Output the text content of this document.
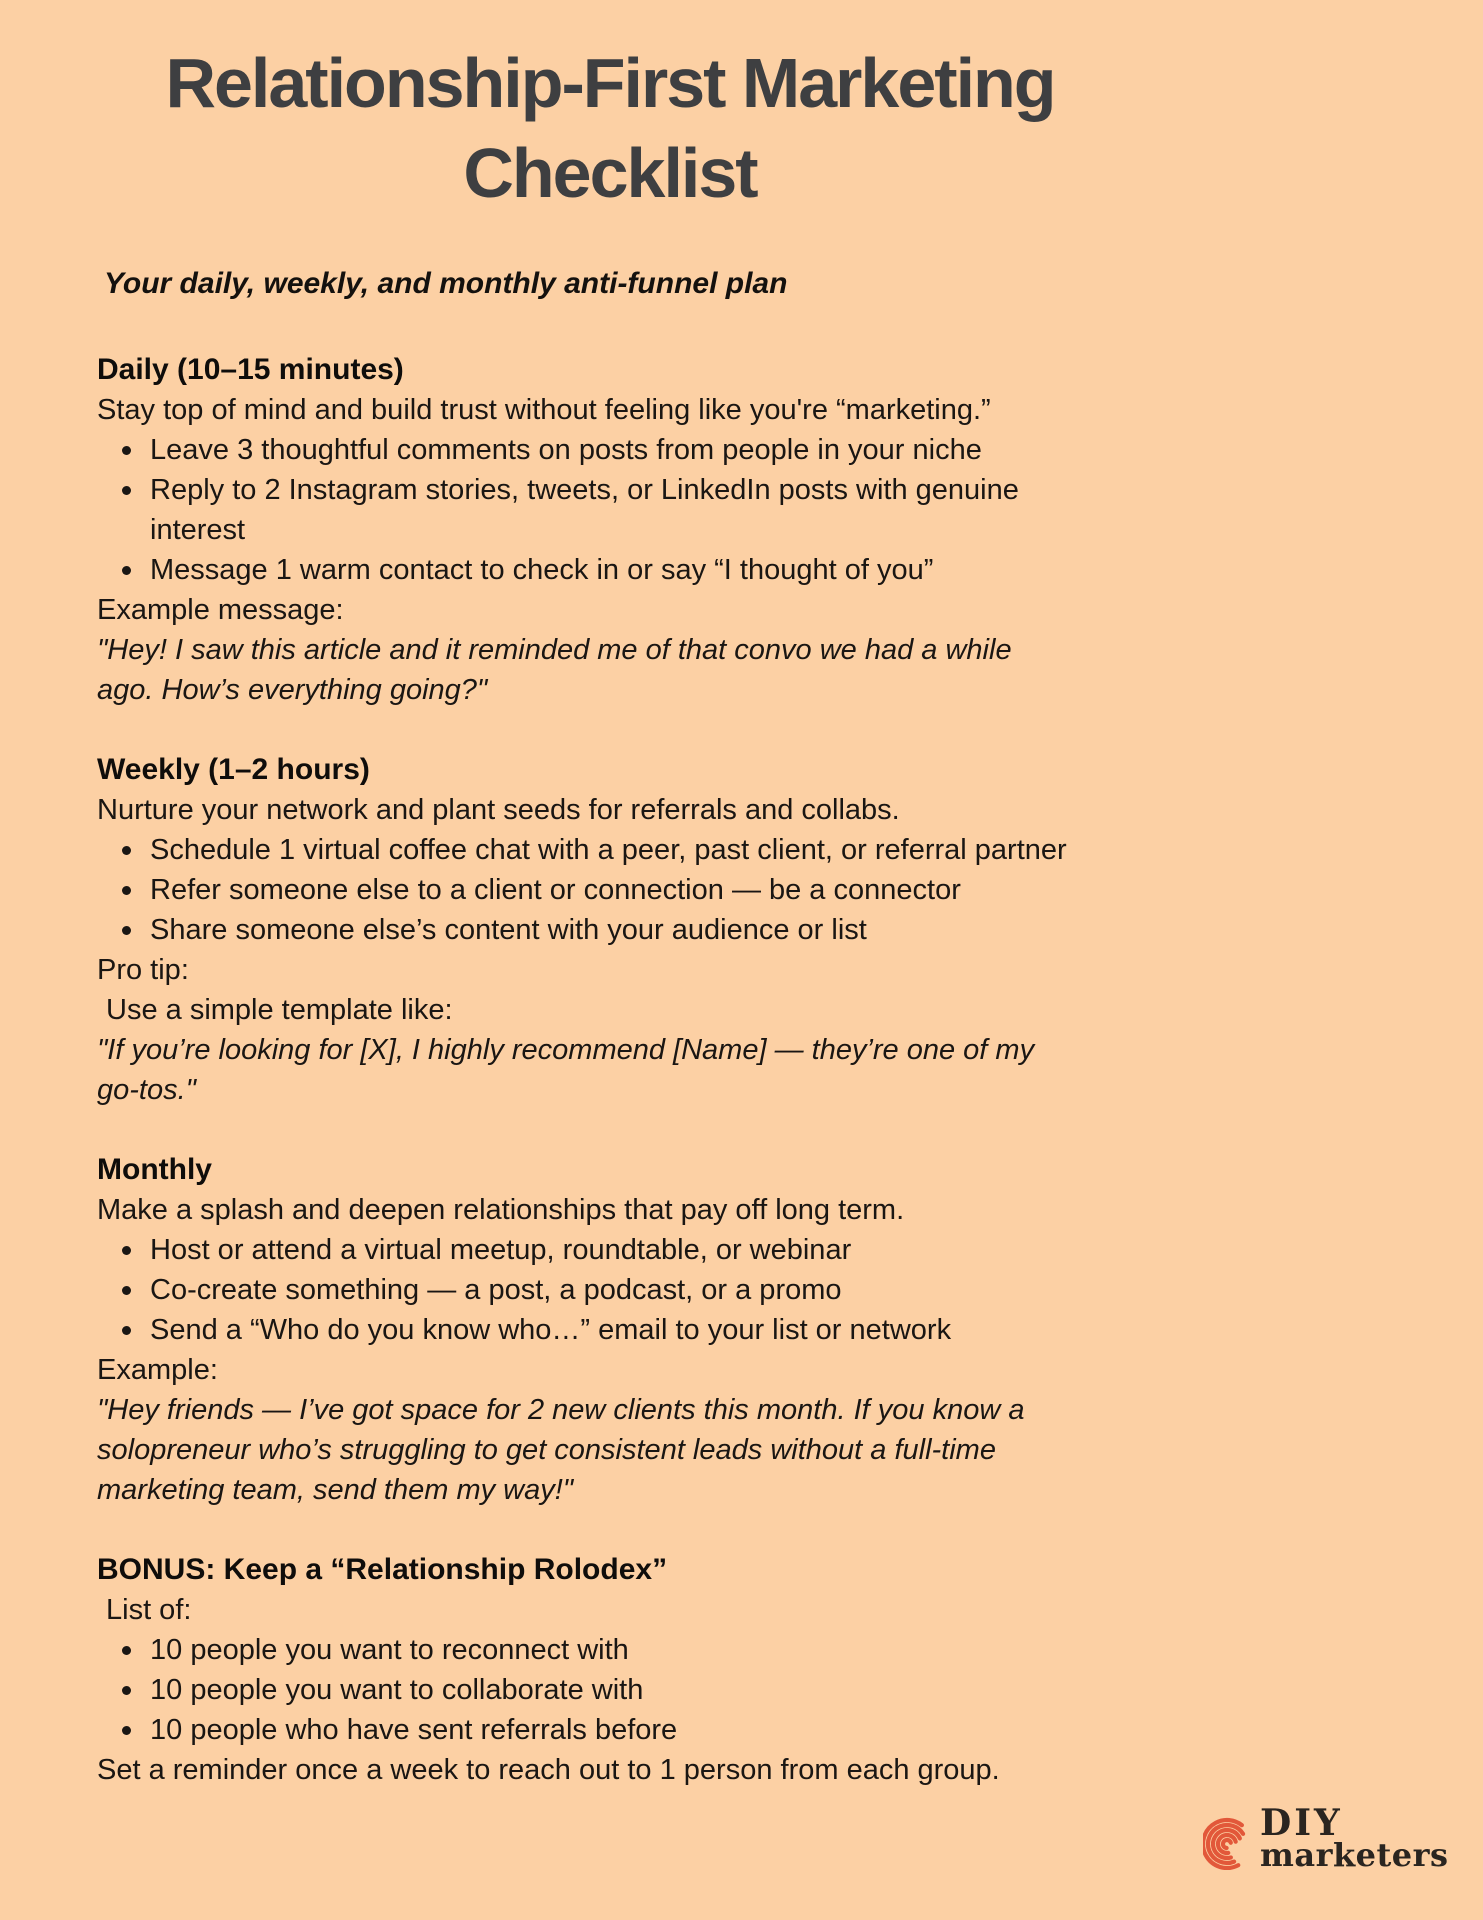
Relationship-First Marketing
Checklist
Your daily, weekly, and monthly anti-funnel plan
Daily (10–15 minutes)
Stay top of mind and build trust without feeling like you're “marketing.”
Leave 3 thoughtful comments on posts from people in your niche
Reply to 2 Instagram stories, tweets, or LinkedIn posts with genuine
interest
Message 1 warm contact to check in or say “I thought of you”
Example message:
"Hey! I saw this article and it reminded me of that convo we had a while
ago. How’s everything going?"
Weekly (1–2 hours)
Nurture your network and plant seeds for referrals and collabs.
Schedule 1 virtual coffee chat with a peer, past client, or referral partner
Refer someone else to a client or connection — be a connector
Share someone else’s content with your audience or list
Pro tip:
Use a simple template like:
"If you’re looking for [X], I highly recommend [Name] — they’re one of my
go-tos."
Monthly
Make a splash and deepen relationships that pay off long term.
Host or attend a virtual meetup, roundtable, or webinar
Co-create something — a post, a podcast, or a promo
Send a “Who do you know who…” email to your list or network
Example:
"Hey friends — I’ve got space for 2 new clients this month. If you know a
solopreneur who’s struggling to get consistent leads without a full-time
marketing team, send them my way!"
BONUS: Keep a “Relationship Rolodex”
List of:
10 people you want to reconnect with
10 people you want to collaborate with
10 people who have sent referrals before
Set a reminder once a week to reach out to 1 person from each group.
DIY
marketers
